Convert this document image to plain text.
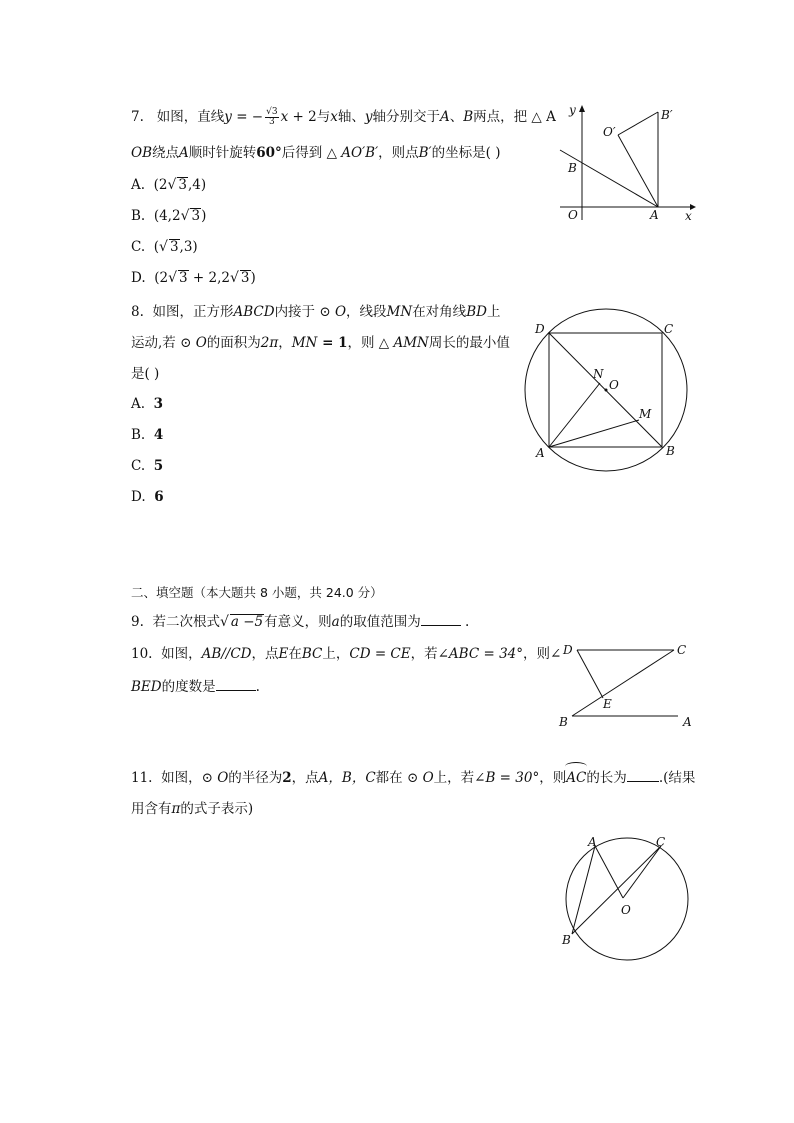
7. 如图，直线y = − $\frac{√3}{3}$ x + 2与x轴、y轴分别交于A、B两点，把 △ A
OB绕点A顺时针旋转60°后得到 △ AO′B′，则点B′的坐标是( )
A. (2√ 3,4)
B. (4,2√ 3)
C. (√ 3,3)
D. (2√ 3 + 2,2√ 3)
y
x
O	A
B
O′
B′
8. 如图，正方形ABCD内接于 ⊙ O，线段MN在对角线BD上
运动,若 ⊙ O的面积为2π，MN = 1，则 △ AMN周长的最小值
是( )
A. 3
B. 4
C. 5
D. 6
D	C
A	B
N
O
M
二、填空题（本大题共 8 小题，共 24.0 分）
9. 若二次根式√ a −5有意义，则a的取值范围为	.
10. 如图，AB//CD，点E在BC上，CD = CE，若∠ABC = 34°，则∠
BED的度数是	.
D	C
E
B	A
11. 如图，⊙ O的半径为2，点A，B，C都在 ⊙ O上，若∠B = 30°，则AC的长为 .(结果
用含有π的式子表示)
A	C
O
B
